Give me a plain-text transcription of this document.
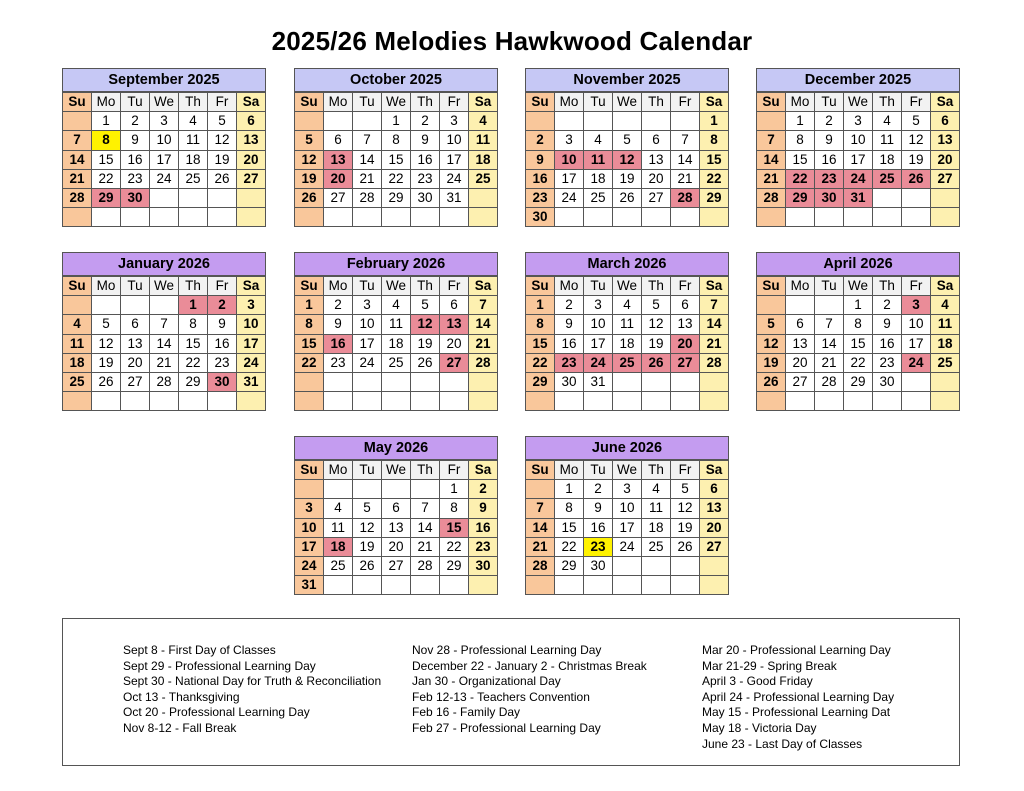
2025/26 Melodies Hawkwood Calendar
September 2025
Su	Mo	Tu	We	Th	Fr	Sa
	1	2	3	4	5	6
7	8	9	10	11	12	13
14	15	16	17	18	19	20
21	22	23	24	25	26	27
28	29	30				

October 2025
Su	Mo	Tu	We	Th	Fr	Sa
			1	2	3	4
5	6	7	8	9	10	11
12	13	14	15	16	17	18
19	20	21	22	23	24	25
26	27	28	29	30	31	

November 2025
Su	Mo	Tu	We	Th	Fr	Sa
						1
2	3	4	5	6	7	8
9	10	11	12	13	14	15
16	17	18	19	20	21	22
23	24	25	26	27	28	29
30						
December 2025
Su	Mo	Tu	We	Th	Fr	Sa
	1	2	3	4	5	6
7	8	9	10	11	12	13
14	15	16	17	18	19	20
21	22	23	24	25	26	27
28	29	30	31			

January 2026
Su	Mo	Tu	We	Th	Fr	Sa
				1	2	3
4	5	6	7	8	9	10
11	12	13	14	15	16	17
18	19	20	21	22	23	24
25	26	27	28	29	30	31

February 2026
Su	Mo	Tu	We	Th	Fr	Sa
1	2	3	4	5	6	7
8	9	10	11	12	13	14
15	16	17	18	19	20	21
22	23	24	25	26	27	28

March 2026
Su	Mo	Tu	We	Th	Fr	Sa
1	2	3	4	5	6	7
8	9	10	11	12	13	14
15	16	17	18	19	20	21
22	23	24	25	26	27	28
29	30	31				

April 2026
Su	Mo	Tu	We	Th	Fr	Sa
			1	2	3	4
5	6	7	8	9	10	11
12	13	14	15	16	17	18
19	20	21	22	23	24	25
26	27	28	29	30		

May 2026
Su	Mo	Tu	We	Th	Fr	Sa
					1	2
3	4	5	6	7	8	9
10	11	12	13	14	15	16
17	18	19	20	21	22	23
24	25	26	27	28	29	30
31						
June 2026
Su	Mo	Tu	We	Th	Fr	Sa
	1	2	3	4	5	6
7	8	9	10	11	12	13
14	15	16	17	18	19	20
21	22	23	24	25	26	27
28	29	30				

Sept 8 - First Day of Classes
Sept 29 - Professional Learning Day
Sept 30 - National Day for Truth & Reconciliation
Oct 13 - Thanksgiving
Oct 20 - Professional Learning Day
Nov 8-12 - Fall Break
Nov 28 - Professional Learning Day
December 22 - January 2 - Christmas Break
Jan 30 - Organizational Day
Feb 12-13 - Teachers Convention
Feb 16 - Family Day
Feb 27 - Professional Learning Day
Mar 20 - Professional Learning Day
Mar 21-29 - Spring Break
April 3 - Good Friday
April 24 - Professional Learning Day
May 15 - Professional Learning Dat
May 18 - Victoria Day
June 23 - Last Day of Classes
